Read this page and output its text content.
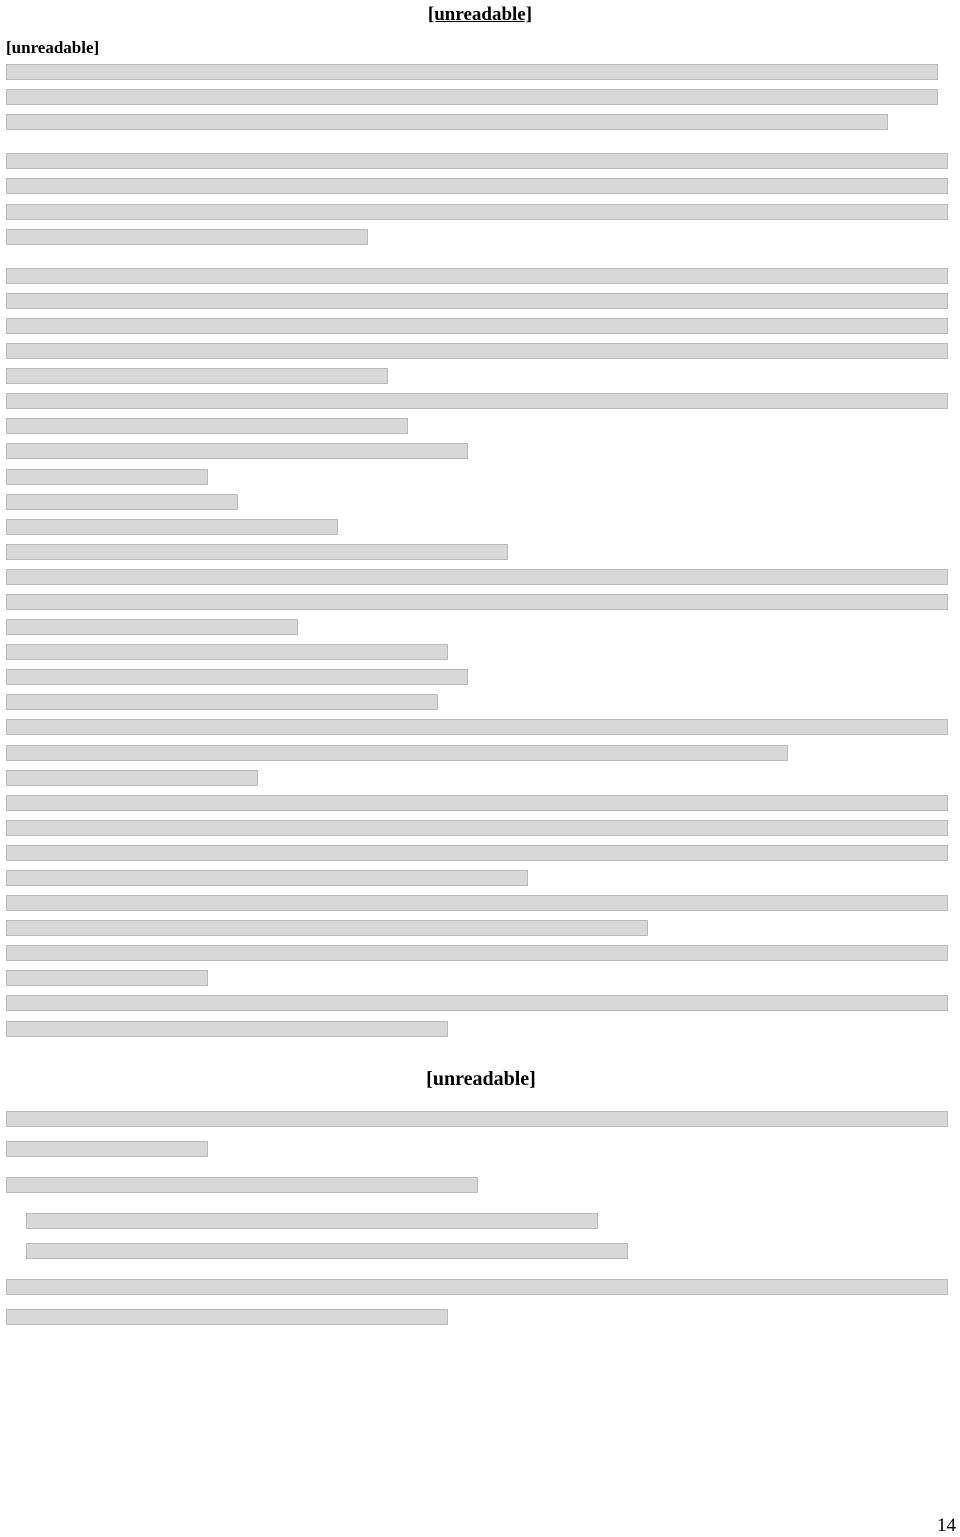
[unreadable]
[unreadable]

[unreadable]

14
